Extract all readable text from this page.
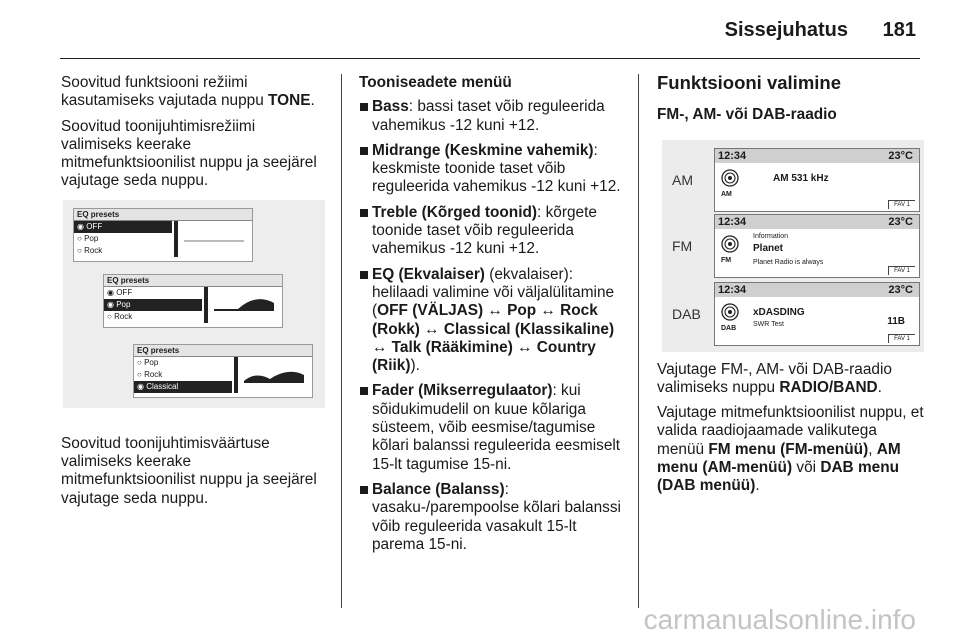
Sissejuhatus 181

Soovitud funktsiooni režiimi kasutamiseks vajutada nuppu TONE.

Soovitud toonijuhtimisrežiimi valimiseks keerake mitmefunktsioonilist nuppu ja seejärel vajutage seda nuppu.

Soovitud toonijuhtimisväärtuse valimiseks keerake mitmefunktsioonilist nuppu ja seejärel vajutage seda nuppu.

EQ presets
◉ OFF
○ Pop
○ Rock
EQ presets
◉ OFF
◉ Pop
○ Rock
EQ presets
○ Pop
○ Rock
◉ Classical
Tooniseadete menüü
Bass: bassi taset võib reguleerida vahemikus -12 kuni +12.
Midrange (Keskmine vahemik): keskmiste toonide taset võib reguleerida vahemikus -12 kuni +12.
Treble (Kõrged toonid): kõrgete toonide taset võib reguleerida vahemikus -12 kuni +12.
EQ (Ekvalaiser) (ekvalaiser): helilaadi valimine või väljalülitamine (OFF (VÄLJAS) ↔ Pop ↔ Rock (Rokk) ↔ Classical (Klassikaline) ↔ Talk (Rääkimine) ↔ Country (Riik)).
Fader (Mikserregulaator): kui sõidukimudelil on kuue kõlariga süsteem, võib eesmise/tagumise kõlari balanssi reguleerida eesmiselt 15-lt tagumise 15-ni.
Balance (Balanss): vasaku-/parempoolse kõlari balanssi võib reguleerida vasakult 15-lt parema 15-ni.
Funktsiooni valimine
FM-, AM- või DAB-raadio

Vajutage FM-, AM- või DAB-raadio valimiseks nuppu RADIO/BAND.

Vajutage mitmefunktsioonilist nuppu, et valida raadiojaamade valikutega menüü FM menu (FM-menüü), AM menu (AM-menüü) või DAB menu (DAB menüü).

AM
12:34	23°C
AM
AM 531 kHz
FAV 1
FM
12:34	23°C
FM
Information
Planet
Planet Radio is always
FAV 1
DAB
12:34	23°C
DAB
xDASDING
SWR Test	11B
FAV 1
carmanualsonline.info
